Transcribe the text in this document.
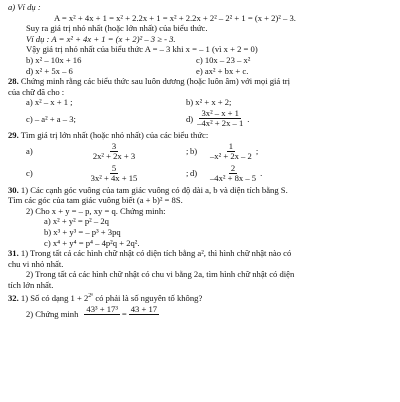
a) Ví dụ :

A = x² + 4x + 1 = x² + 2.2x + 1 = x² + 2.2x + 2² – 2² + 1 = (x + 2)² – 3.

Suy ra giá trị nhỏ nhất (hoặc lớn nhất) của biểu thức.

Ví dụ : A = x² + 4x + 1 = (x + 2)² – 3 ≥ - 3.

Vậy giá trị nhỏ nhất của biểu thức A = – 3 khi x = – 1 (vì x + 2 = 0)

b) x² – 10x + 16	c) 10x – 23 – x²
d) x² + 5x – 6	e) ax² + bx + c.

28. Chứng minh rằng các biểu thức sau luôn dương (hoặc luôn âm) với mọi giá trị

của chữ đã cho :

a) x² – x + 1 ;	b) x² + x + 2;
c) – a² + a – 3;	$d) \frac{\text{3x² – x + 1}}{\text{–4x² + 2x – 1}}$ .

29. Tìm giá trị lớn nhất (hoặc nhỏ nhất) của các biểu thức:

a)	$\frac{3}{\text{2x² + 2x + 3}}$ ; b)	$\frac{1}{\text{–x² + 2x – 2}}$ ;
c)	$\frac{5}{\text{3x² + 4x + 15}}$ ; d)	$\frac{2}{\text{–4x² + 8x – 5}}$ .

30. 1) Các cạnh góc vuông của tam giác vuông có độ dài a, b và diện tích bằng S.

Tìm các góc của tam giác vuông biết (a + b)² = 8S.

2) Cho x + y = – p, xy = q. Chứng minh:

a) x² + y² = p² – 2q

b) x³ + y³ = – p³ + 3pq

c) x⁴ + y⁴ = p⁴ – 4p²q + 2q².

31. 1) Trong tất cả các hình chữ nhật có diện tích bằng a², thì hình chữ nhật nào có

chu vi nhỏ nhất.

2) Trong tất cả các hình chữ nhật có chu vi bằng 2a, tìm hình chữ nhật có diện

tích lớn nhất.

32. 1) Số có dạng $1 + 2^{2^n}$ có phải là số nguyên tố không?

2) Chứng minh
43³ + 17³

=
43 + 17
